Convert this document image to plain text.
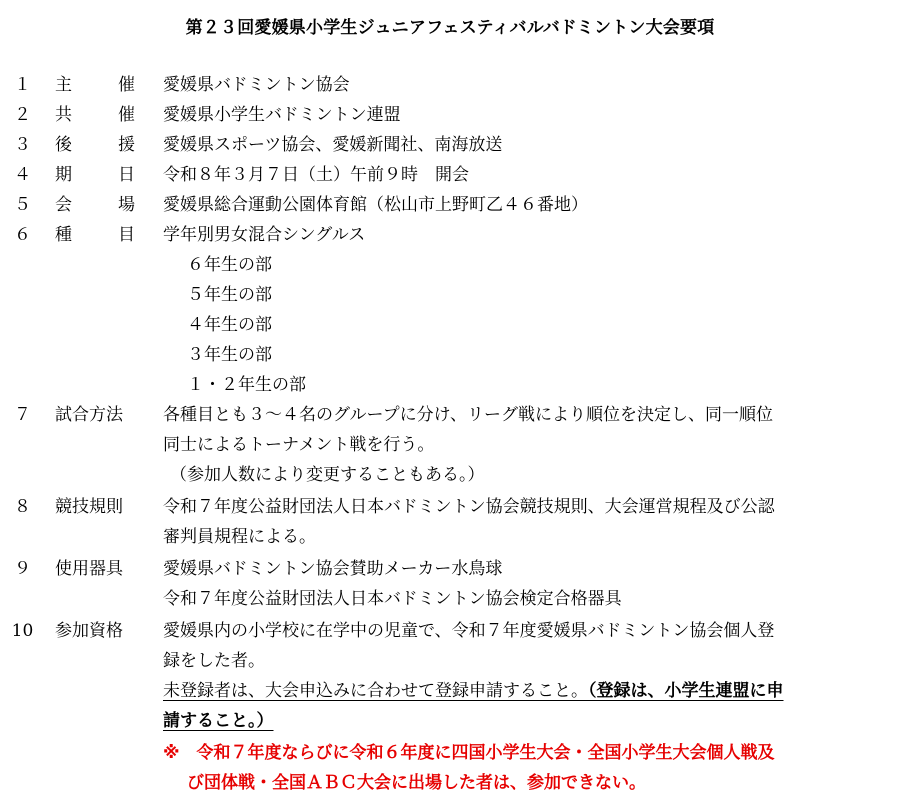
第２３回愛媛県小学生ジュニアフェスティバルバドミントン大会要項
１	主	催 愛媛県バドミントン協会
２	共	催 愛媛県小学生バドミントン連盟
３	後	援 愛媛県スポーツ協会、愛媛新聞社、南海放送
４	期	日 令和８年３月７日（土）午前９時　開会
５	会	場 愛媛県総合運動公園体育館（松山市上野町乙４６番地）
６	種	目 学年別男女混合シングルス
６年生の部
５年生の部
４年生の部
３年生の部
１・２年生の部
７	試合方法	各種目とも３～４名のグループに分け、リーグ戦により順位を決定し、同一順位
同士によるトーナメント戦を行う。
（参加人数により変更することもある。）
８	競技規則	令和７年度公益財団法人日本バドミントン協会競技規則、大会運営規程及び公認
審判員規程による。
９	使用器具	愛媛県バドミントン協会賛助メーカー水鳥球
令和７年度公益財団法人日本バドミントン協会検定合格器具
10	参加資格	愛媛県内の小学校に在学中の児童で、令和７年度愛媛県バドミントン協会個人登
録をした者。
未登録者は、大会申込みに合わせて登録申請すること。（登録は、小学生連盟に申
請すること。）
※　令和７年度ならびに令和６年度に四国小学生大会・全国小学生大会個人戦及
び団体戦・全国ＡＢＣ大会に出場した者は、参加できない。
